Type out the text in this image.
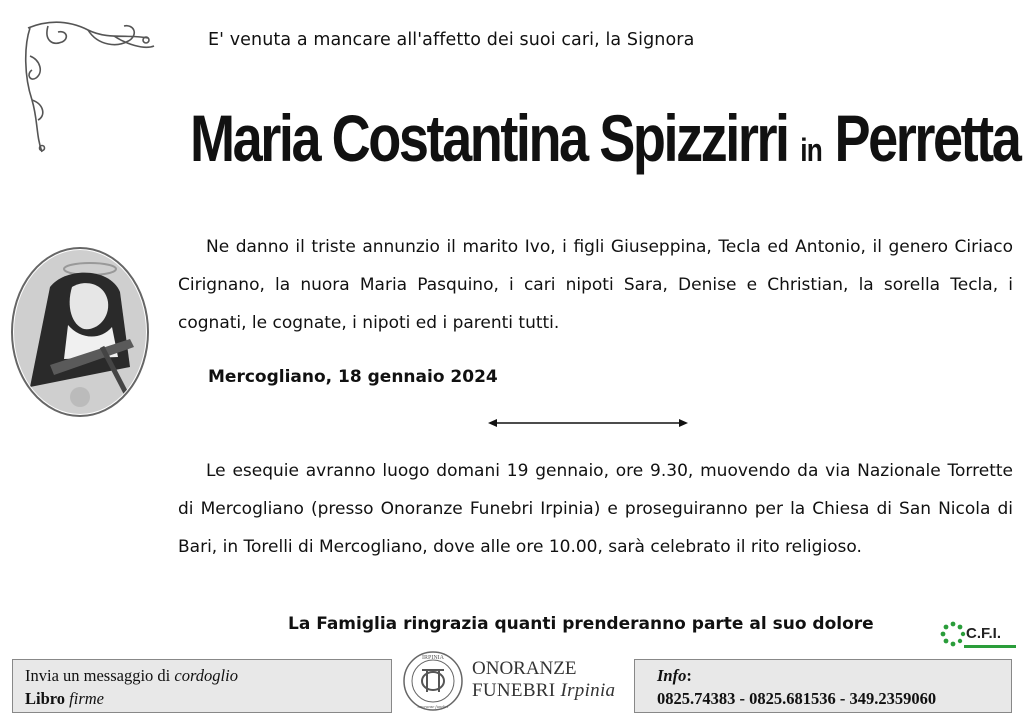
E' venuta a mancare all'affetto dei suoi cari, la Signora
Maria Costantina Spizzirri in Perretta
Ne danno il triste annunzio il marito Ivo, i figli Giuseppina, Tecla ed Antonio, il genero Ciriaco Cirignano, la nuora Maria Pasquino, i cari nipoti Sara, Denise e Christian, la sorella Tecla, i cognati, le cognate, i nipoti ed i parenti tutti.
Mercogliano, 18 gennaio 2024
Le esequie avranno luogo domani 19 gennaio, ore 9.30, muovendo da via Nazionale Torrette di Mercogliano (presso Onoranze Funebri Irpinia) e proseguiranno per la Chiesa di San Nicola di Bari, in Torelli di Mercogliano, dove alle ore 10.00, sarà celebrato il rito religioso.
La Famiglia ringrazia quanti prenderanno parte al suo dolore	C.F.I.
Invia un messaggio di cordoglio
Libro firme
IRPINIA
onoranze funebri
ONORANZE
FUNEBRI Irpinia
Info:
0825.74383 - 0825.681536 - 349.2359060
